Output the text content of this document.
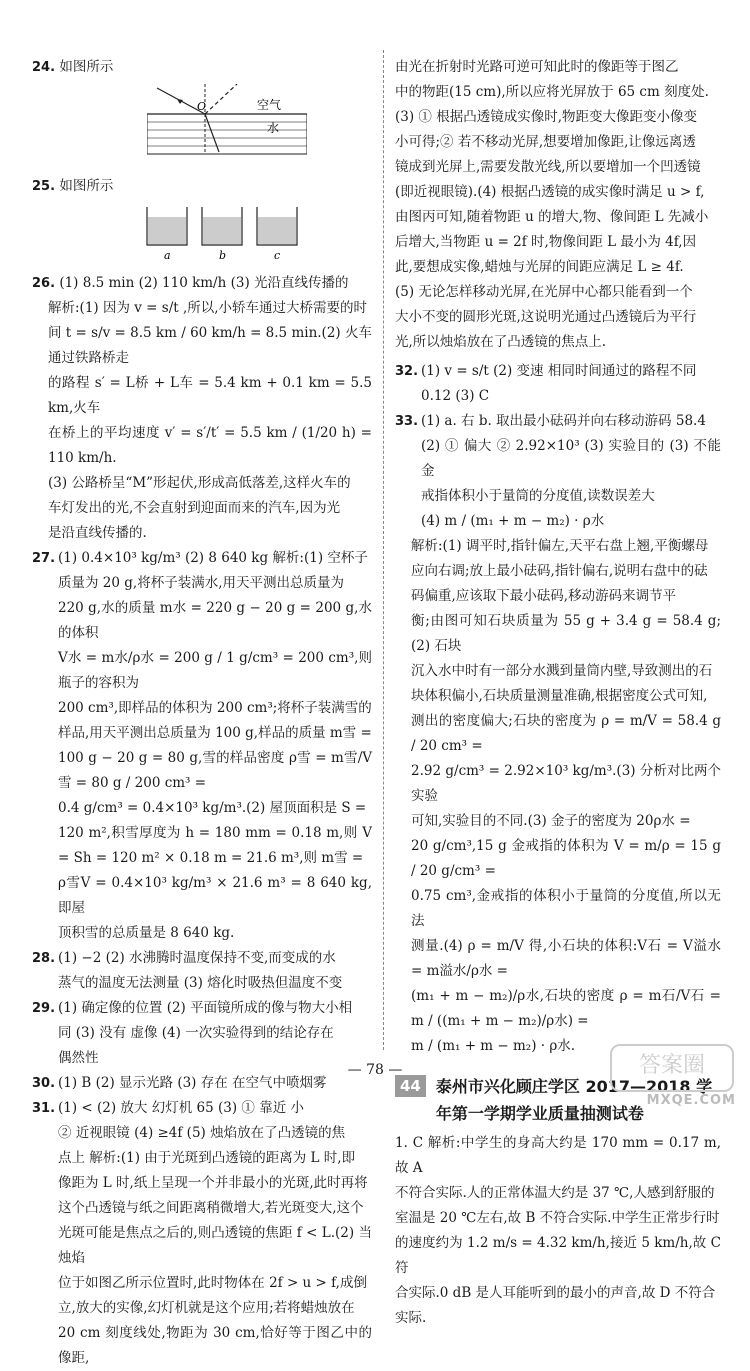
24. 如图所示

O	空气
水

25. 如图所示

a	b	c

26. (1) 8.5 min (2) 110 km/h (3) 光沿直线传播的

解析:(1) 因为 v = s/t ,所以,小轿车通过大桥需要的时

间 t = s/v = 8.5 km / 60 km/h = 8.5 min.(2) 火车通过铁路桥走

的路程 s′ = L桥 + L车 = 5.4 km + 0.1 km = 5.5 km,火车

在桥上的平均速度 v′ = s′/t′ = 5.5 km / (1/20 h) = 110 km/h.

(3) 公路桥呈“M”形起伏,形成高低落差,这样火车的

车灯发出的光,不会直射到迎面而来的汽车,因为光

是沿直线传播的.

27. (1) 0.4×10³ kg/m³ (2) 8 640 kg 解析:(1) 空杯子

质量为 20 g,将杯子装满水,用天平测出总质量为

220 g,水的质量 m水 = 220 g − 20 g = 200 g,水的体积

V水 = m水/ρ水 = 200 g / 1 g/cm³ = 200 cm³,则瓶子的容积为

200 cm³,即样品的体积为 200 cm³;将杯子装满雪的

样品,用天平测出总质量为 100 g,样品的质量 m雪 =

100 g − 20 g = 80 g,雪的样品密度 ρ雪 = m雪/V雪 = 80 g / 200 cm³ =

0.4 g/cm³ = 0.4×10³ kg/m³.(2) 屋顶面积是 S =

120 m²,积雪厚度为 h = 180 mm = 0.18 m,则 V = Sh = 120 m² × 0.18 m = 21.6 m³,则 m雪 =

ρ雪V = 0.4×10³ kg/m³ × 21.6 m³ = 8 640 kg,即屋

顶积雪的总质量是 8 640 kg.

28. (1) −2 (2) 水沸腾时温度保持不变,而变成的水

蒸气的温度无法测量 (3) 熔化时吸热但温度不变

29. (1) 确定像的位置 (2) 平面镜所成的像与物大小相

同 (3) 没有 虚像 (4) 一次实验得到的结论存在

偶然性

30. (1) B (2) 显示光路 (3) 存在 在空气中喷烟雾

31. (1) < (2) 放大 幻灯机 65 (3) ① 靠近 小

② 近视眼镜 (4) ≥4f (5) 烛焰放在了凸透镜的焦

点上 解析:(1) 由于光斑到凸透镜的距离为 L 时,即

像距为 L 时,纸上呈现一个并非最小的光斑,此时再将

这个凸透镜与纸之间距离稍微增大,若光斑变大,这个

光斑可能是焦点之后的,则凸透镜的焦距 f < L.(2) 当烛焰

位于如图乙所示位置时,此时物体在 2f > u > f,成倒

立,放大的实像,幻灯机就是这个应用;若将蜡烛放在

20 cm 刻度线处,物距为 30 cm,恰好等于图乙中的像距,

由光在折射时光路可逆可知此时的像距等于图乙

中的物距(15 cm),所以应将光屏放于 65 cm 刻度处.

(3) ① 根据凸透镜成实像时,物距变大像距变小像变

小可得;② 若不移动光屏,想要增加像距,让像远离透

镜成到光屏上,需要发散光线,所以要增加一个凹透镜

(即近视眼镜).(4) 根据凸透镜的成实像时满足 u > f,

由图丙可知,随着物距 u 的增大,物、像间距 L 先减小

后增大,当物距 u = 2f 时,物像间距 L 最小为 4f,因

此,要想成实像,蜡烛与光屏的间距应满足 L ≥ 4f.

(5) 无论怎样移动光屏,在光屏中心都只能看到一个

大小不变的圆形光斑,这说明光通过凸透镜后为平行

光,所以烛焰放在了凸透镜的焦点上.

32. (1) v = s/t (2) 变速 相同时间通过的路程不同

0.12 (3) C

33. (1) a. 右 b. 取出最小砝码并向右移动游码 58.4

(2) ① 偏大 ② 2.92×10³ (3) 实验目的 (3) 不能 金

戒指体积小于量筒的分度值,读数误差大

(4) m / (m₁ + m − m₂) · ρ水

解析:(1) 调平时,指针偏左,天平右盘上翘,平衡螺母

应向右调;放上最小砝码,指针偏右,说明右盘中的砝

码偏重,应该取下最小砝码,移动游码来调节平

衡;由图可知石块质量为 55 g + 3.4 g = 58.4 g;(2) 石块

沉入水中时有一部分水溅到量筒内壁,导致测出的石

块体积偏小,石块质量测量准确,根据密度公式可知,

测出的密度偏大;石块的密度为 ρ = m/V = 58.4 g / 20 cm³ =

2.92 g/cm³ = 2.92×10³ kg/m³.(3) 分析对比两个实验

可知,实验目的不同.(3) 金子的密度为 20ρ水 =

20 g/cm³,15 g 金戒指的体积为 V = m/ρ = 15 g / 20 g/cm³ =

0.75 cm³,金戒指的体积小于量筒的分度值,所以无法

测量.(4) ρ = m/V 得,小石块的体积:V石 = V溢水 = m溢水/ρ水 =

(m₁ + m − m₂)/ρ水,石块的密度 ρ = m石/V石 = m / ((m₁ + m − m₂)/ρ水) =

m / (m₁ + m − m₂) · ρ水.

44 泰州市兴化顾庄学区 2017—2018 学
年第一学期学业质量抽测试卷

1. C 解析:中学生的身高大约是 170 mm = 0.17 m,故 A

不符合实际.人的正常体温大约是 37 ℃,人感到舒服的

室温是 20 ℃左右,故 B 不符合实际.中学生正常步行时

的速度约为 1.2 m/s = 4.32 km/h,接近 5 km/h,故 C 符

合实际.0 dB 是人耳能听到的最小的声音,故 D 不符合

实际.

— 78 —	答案圈
MXQE.COM
